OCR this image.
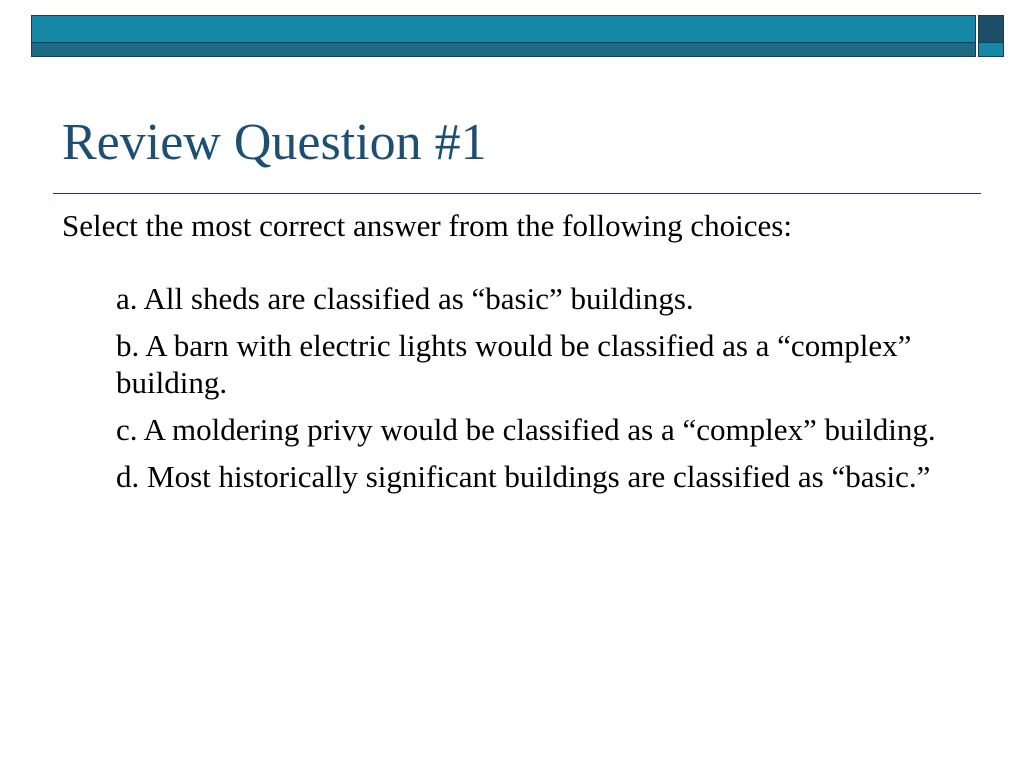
Review Question #1

Select the most correct answer from the following choices:

a. All sheds are classified as “basic” buildings.
b. A barn with electric lights would be classified as a “complex” building.
c. A moldering privy would be classified as a “complex” building.
d. Most historically significant buildings are classified as “basic.”
